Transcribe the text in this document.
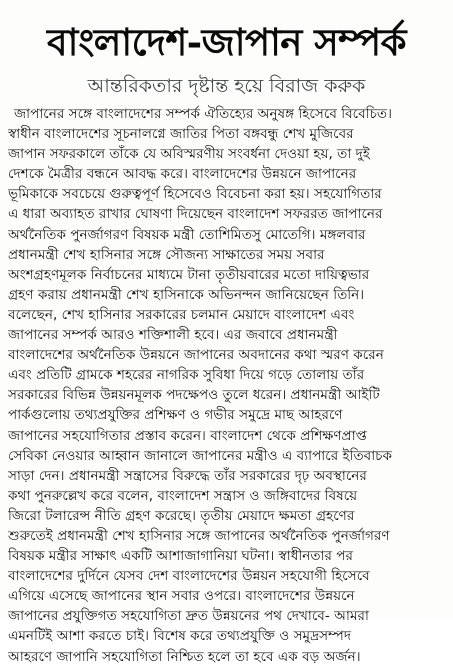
বাংলাদেশ-জাপান সম্পর্ক
আন্তরিকতার দৃষ্টান্ত হয়ে বিরাজ করুক
জাপানের সঙ্গে বাংলাদেশের সম্পর্ক ঐতিহ্যের অনুষঙ্গ হিসেবে বিবেচিত।
স্বাধীন বাংলাদেশের সূচনালগ্নে জাতির পিতা বঙ্গবন্ধু শেখ মুজিবের
জাপান সফরকালে তাঁকে যে অবিস্মরণীয় সংবর্ধনা দেওয়া হয়, তা দুই
দেশকে মৈত্রীর বন্ধনে আবদ্ধ করে। বাংলাদেশের উন্নয়নে জাপানের
ভূমিকাকে সবচেয়ে গুরুত্বপূর্ণ হিসেবেও বিবেচনা করা হয়। সহযোগিতার
এ ধারা অব্যাহত রাখার ঘোষণা দিয়েছেন বাংলাদেশ সফররত জাপানের
অর্থনৈতিক পুনর্জাগরণ বিষয়ক মন্ত্রী তোশিমিতসু মোতেগি। মঙ্গলবার
প্রধানমন্ত্রী শেখ হাসিনার সঙ্গে সৌজন্য সাক্ষাতের সময় সবার
অংশগ্রহণমূলক নির্বাচনের মাধ্যমে টানা তৃতীয়বারের মতো দায়িত্বভার
গ্রহণ করায় প্রধানমন্ত্রী শেখ হাসিনাকে অভিনন্দন জানিয়েছেন তিনি।
বলেছেন, শেখ হাসিনার সরকারের চলমান মেয়াদে বাংলাদেশ এবং
জাপানের সম্পর্ক আরও শক্তিশালী হবে। এর জবাবে প্রধানমন্ত্রী
বাংলাদেশের অর্থনৈতিক উন্নয়নে জাপানের অবদানের কথা স্মরণ করেন
এবং প্রতিটি গ্রামকে শহরের নাগরিক সুবিধা দিয়ে গড়ে তোলায় তাঁর
সরকারের বিভিন্ন উন্নয়নমূলক পদক্ষেপও তুলে ধরেন। প্রধানমন্ত্রী আইটি
পার্কগুলোয় তথ্যপ্রযুক্তির প্রশিক্ষণ ও গভীর সমুদ্রে মাছ আহরণে
জাপানের সহযোগিতার প্রস্তাব করেন। বাংলাদেশ থেকে প্রশিক্ষণপ্রাপ্ত
সেবিকা নেওয়ার আহ্বান জানালে জাপানের মন্ত্রীও এ ব্যাপারে ইতিবাচক
সাড়া দেন। প্রধানমন্ত্রী সন্ত্রাসের বিরুদ্ধে তাঁর সরকারের দৃঢ় অবস্থানের
কথা পুনরুল্লেখ করে বলেন, বাংলাদেশ সন্ত্রাস ও জঙ্গিবাদের বিষয়ে
জিরো টলারেন্স নীতি গ্রহণ করেছে। তৃতীয় মেয়াদে ক্ষমতা গ্রহণের
শুরুতেই প্রধানমন্ত্রী শেখ হাসিনার সঙ্গে জাপানের অর্থনৈতিক পুনর্জাগরণ
বিষয়ক মন্ত্রীর সাক্ষাৎ একটি আশাজাগানিয়া ঘটনা। স্বাধীনতার পর
বাংলাদেশের দুর্দিনে যেসব দেশ বাংলাদেশের উন্নয়ন সহযোগী হিসেবে
এগিয়ে এসেছে জাপানের স্থান সবার ওপরে। বাংলাদেশের উন্নয়নে
জাপানের প্রযুক্তিগত সহযোগিতা দ্রুত উন্নয়নের পথ দেখাবে- আমরা
এমনটিই আশা করতে চাই। বিশেষ করে তথ্যপ্রযুক্তি ও সমুদ্রসম্পদ
আহরণে জাপানি সহযোগিতা নিশ্চিত হলে তা হবে এক বড় অর্জন।
